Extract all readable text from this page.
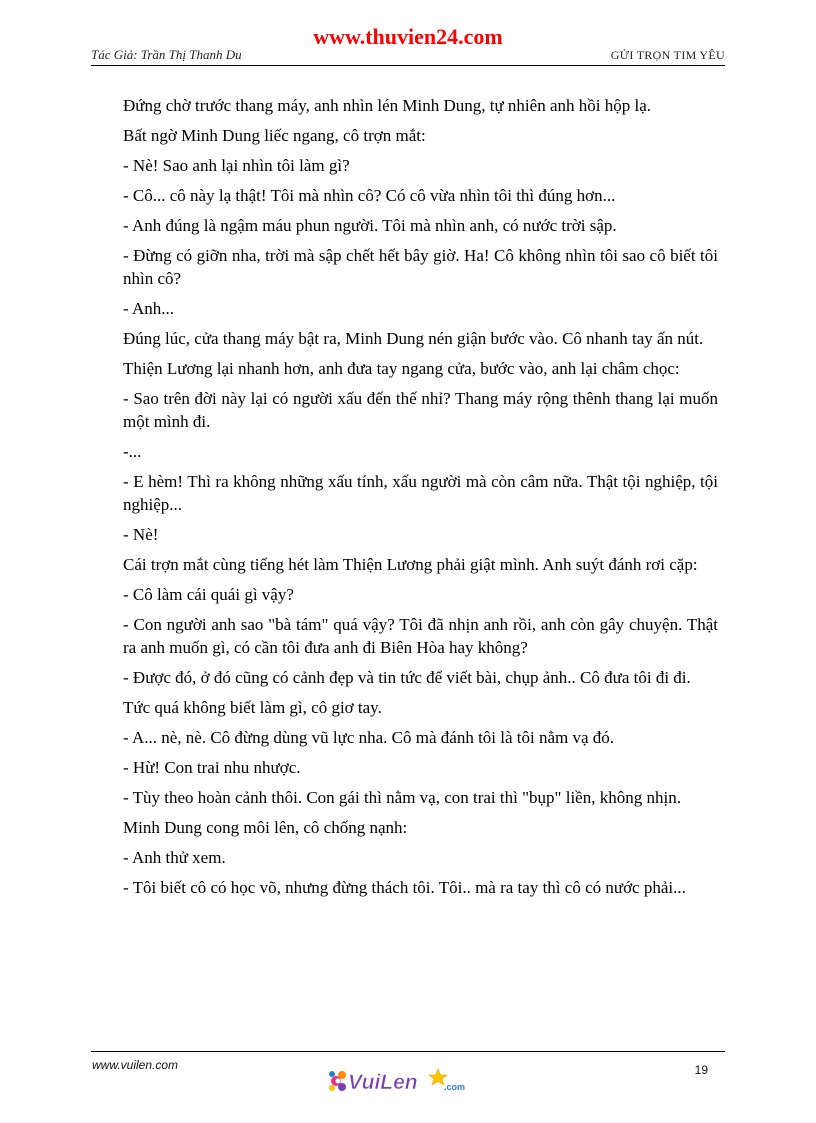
www.thuvien24.com
Tác Giả: Trần Thị Thanh Du	GỬI TRỌN TIM YÊU

Đứng chờ trước thang máy, anh nhìn lén Minh Dung, tự nhiên anh hồi hộp lạ.

Bất ngờ Minh Dung liếc ngang, cô trợn mắt:

- Nè! Sao anh lại nhìn tôi làm gì?

- Cô... cô này lạ thật! Tôi mà nhìn cô? Có cô vừa nhìn tôi thì đúng hơn...

- Anh đúng là ngậm máu phun người. Tôi mà nhìn anh, có nước trời sập.

- Đừng có giỡn nha, trời mà sập chết hết bây giờ. Ha! Cô không nhìn tôi sao cô biết tôi nhìn cô?

- Anh...

Đúng lúc, cửa thang máy bật ra, Minh Dung nén giận bước vào. Cô nhanh tay ấn nút.

Thiện Lương lại nhanh hơn, anh đưa tay ngang cửa, bước vào, anh lại châm chọc:

- Sao trên đời này lại có người xấu đến thế nhỉ? Thang máy rộng thênh thang lại muốn một mình đi.

-...

- E hèm! Thì ra không những xấu tính, xấu người mà còn câm nữa. Thật tội nghiệp, tội nghiệp...

- Nè!

Cái trợn mắt cùng tiếng hét làm Thiện Lương phải giật mình. Anh suýt đánh rơi cặp:

- Cô làm cái quái gì vậy?

- Con người anh sao "bà tám" quá vậy? Tôi đã nhịn anh rồi, anh còn gây chuyện. Thật ra anh muốn gì, có cần tôi đưa anh đi Biên Hòa hay không?

- Được đó, ở đó cũng có cảnh đẹp và tin tức để viết bài, chụp ảnh.. Cô đưa tôi đi đi.

Tức quá không biết làm gì, cô giơ tay.

- A... nè, nè. Cô đừng dùng vũ lực nha. Cô mà đánh tôi là tôi nằm vạ đó.

- Hừ! Con trai nhu nhược.

- Tùy theo hoàn cảnh thôi. Con gái thì nằm vạ, con trai thì "bụp" liền, không nhịn.

Minh Dung cong môi lên, cô chống nạnh:

- Anh thử xem.

- Tôi biết cô có học võ, nhưng đừng thách tôi. Tôi.. mà ra tay thì cô có nước phải...

www.vuilen.com
VuiLen	.com
19
